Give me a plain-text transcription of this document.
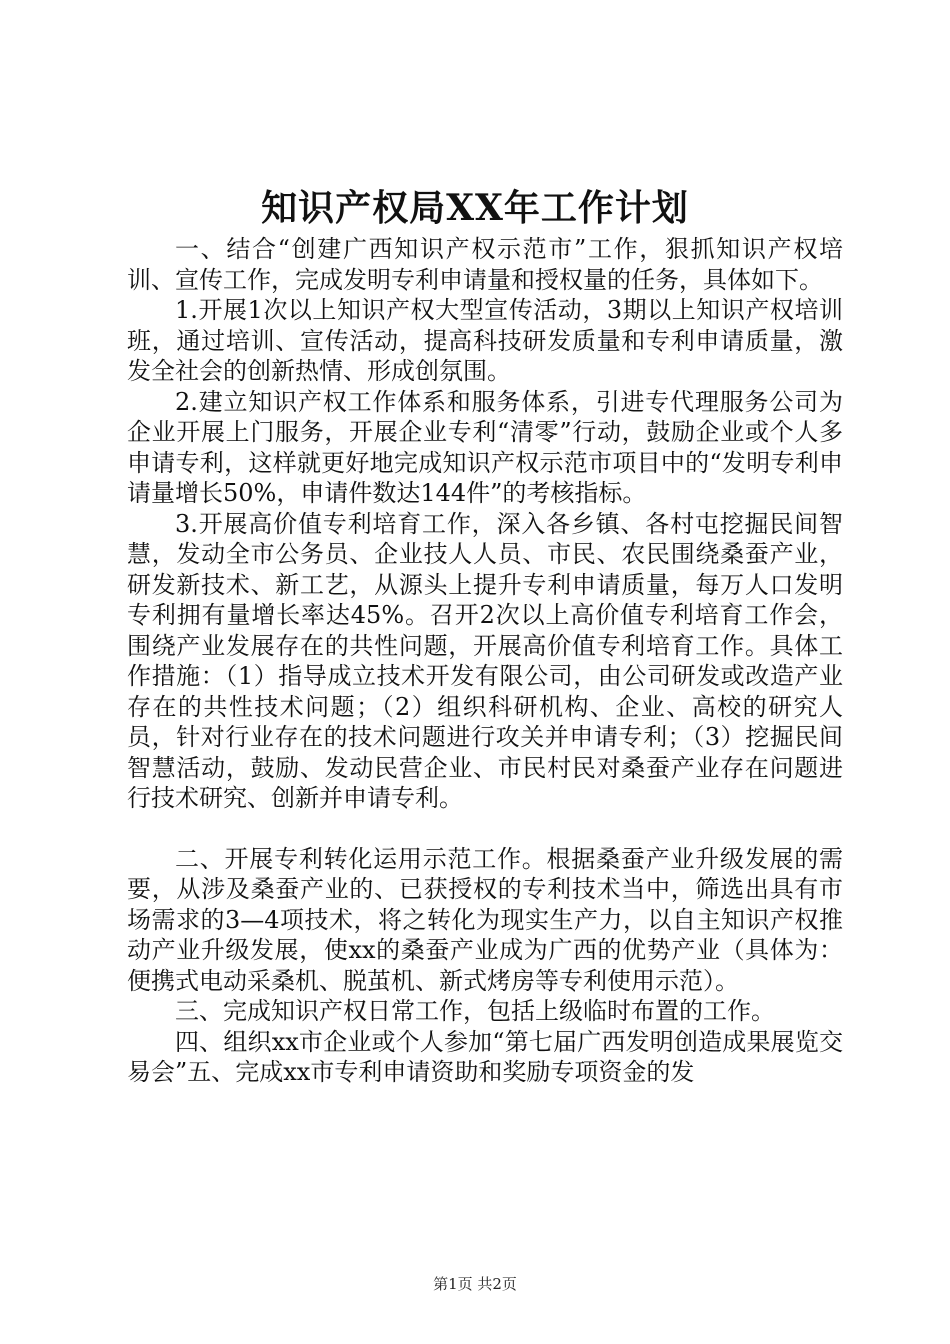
知识产权局XX年工作计划

一、结合“创建广西知识产权示范市”工作，狠抓知识产权培训、宣传工作，完成发明专利申请量和授权量的任务，具体如下。

1.开展1次以上知识产权大型宣传活动，3期以上知识产权培训班，通过培训、宣传活动，提高科技研发质量和专利申请质量，激发全社会的创新热情、形成创氛围。

2.建立知识产权工作体系和服务体系，引进专代理服务公司为企业开展上门服务，开展企业专利“清零”行动，鼓励企业或个人多申请专利，这样就更好地完成知识产权示范市项目中的“发明专利申请量增长50%，申请件数达144件”的考核指标。

3.开展高价值专利培育工作，深入各乡镇、各村屯挖掘民间智慧，发动全市公务员、企业技人人员、市民、农民围绕桑蚕产业，研发新技术、新工艺，从源头上提升专利申请质量，每万人口发明专利拥有量增长率达45%。召开2次以上高价值专利培育工作会，围绕产业发展存在的共性问题，开展高价值专利培育工作。具体工作措施：（1）指导成立技术开发有限公司，由公司研发或改造产业存在的共性技术问题；（2）组织科研机构、企业、高校的研究人员，针对行业存在的技术问题进行攻关并申请专利；（3）挖掘民间智慧活动，鼓励、发动民营企业、市民村民对桑蚕产业存在问题进行技术研究、创新并申请专利。

二、开展专利转化运用示范工作。根据桑蚕产业升级发展的需要，从涉及桑蚕产业的、已获授权的专利技术当中，筛选出具有市场需求的3—4项技术，将之转化为现实生产力，以自主知识产权推动产业升级发展，使xx的桑蚕产业成为广西的优势产业（具体为：便携式电动采桑机、脱茧机、新式烤房等专利使用示范）。

三、完成知识产权日常工作，包括上级临时布置的工作。

四、组织xx市企业或个人参加“第七届广西发明创造成果展览交易会”五、完成xx市专利申请资助和奖励专项资金的发

第1页 共2页
